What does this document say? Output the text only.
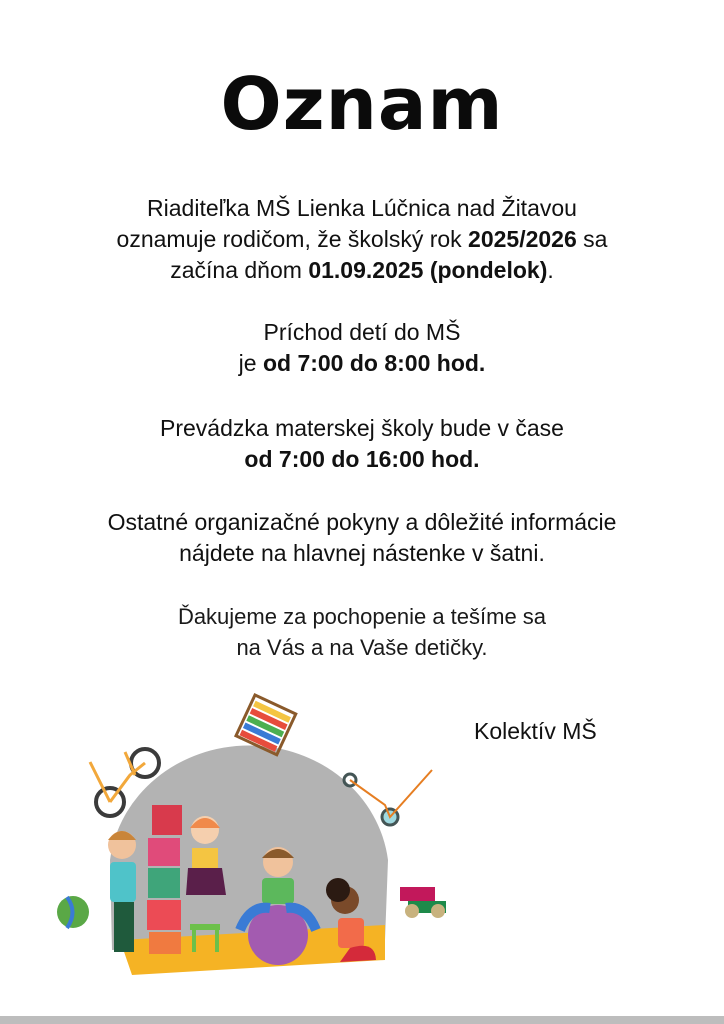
Oznam
Riaditeľka MŠ Lienka Lúčnica nad Žitavou
oznamuje rodičom, že školský rok 2025/2026 sa
začína dňom 01.09.2025 (pondelok).
Príchod detí do MŠ
je od 7:00 do 8:00 hod.
Prevádzka materskej školy bude v čase
od 7:00 do 16:00 hod.
Ostatné organizačné pokyny a dôležité informácie
nájdete na hlavnej nástenke v šatni.
Ďakujeme za pochopenie a tešíme sa
na Vás a na Vaše detičky.
Kolektív MŠ
